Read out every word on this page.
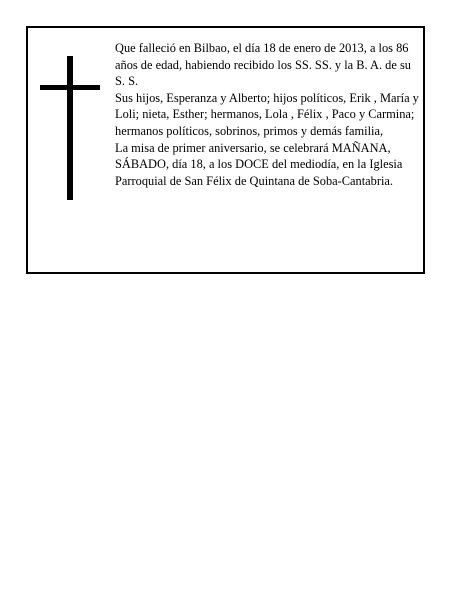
Que falleció en Bilbao, el día 18 de enero de 2013, a los 86 años de edad, habiendo recibido los SS. SS. y la B. A. de su S. S.

Sus hijos, Esperanza y Alberto; hijos políticos, Erik , María y Loli; nieta, Esther; hermanos, Lola , Félix , Paco y Carmina; hermanos políticos, sobrinos, primos y demás familia,

La misa de primer aniversario, se celebrará MAÑANA, SÁBADO, día 18, a los DOCE del mediodía, en la Iglesia Parroquial de San Félix de Quintana de Soba-Cantabria.
